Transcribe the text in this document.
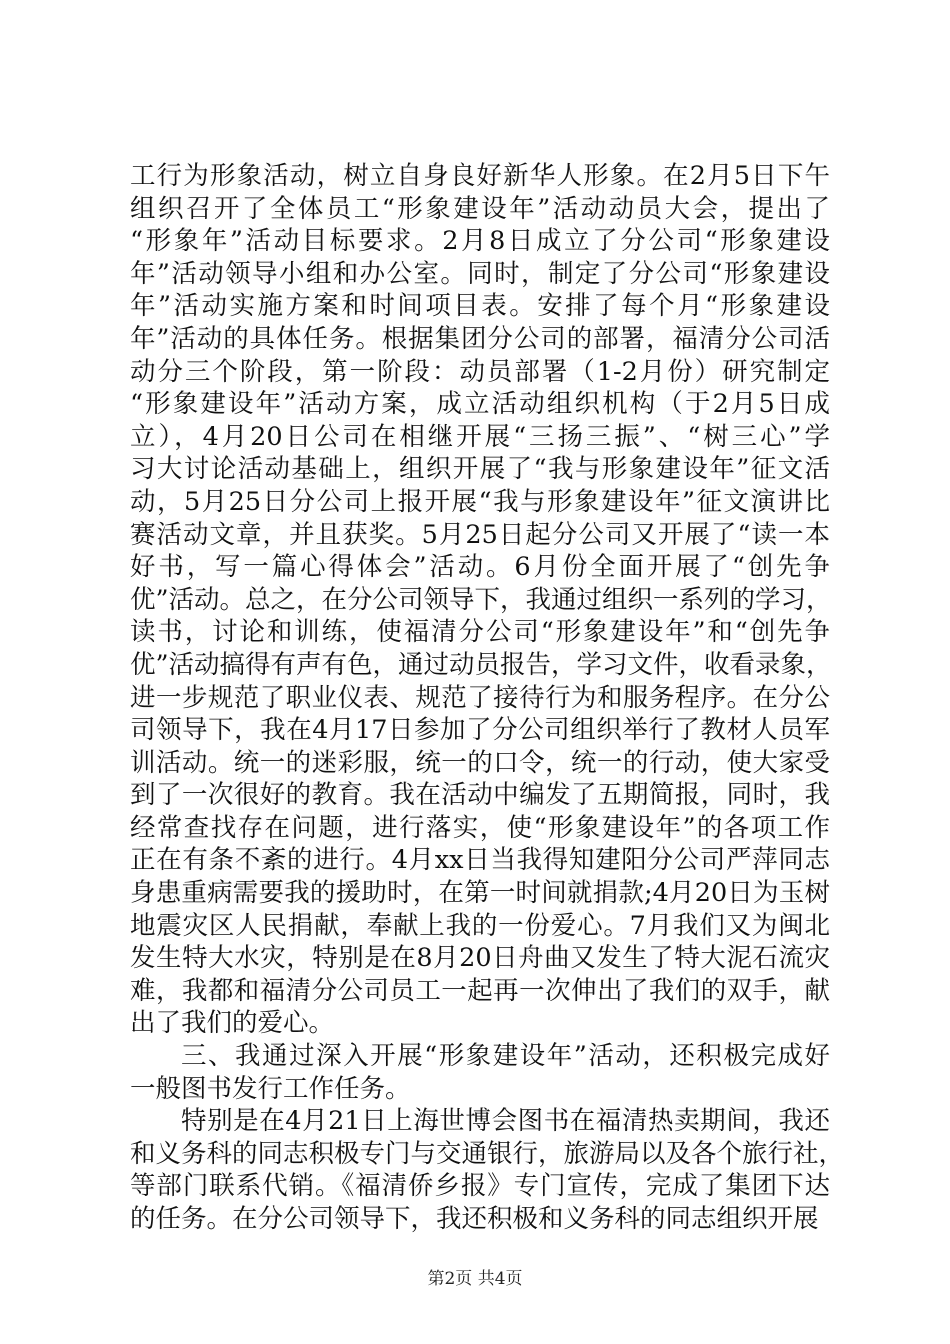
工行为形象活动，树立自身良好新华人形象。在2月5日下午
组织召开了全体员工“形象建设年”活动动员大会，提出了
“形象年”活动目标要求。2月8日成立了分公司“形象建设
年”活动领导小组和办公室。同时，制定了分公司“形象建设
年”活动实施方案和时间项目表。安排了每个月“形象建设
年”活动的具体任务。根据集团分公司的部署，福清分公司活
动分三个阶段，第一阶段：动员部署（1-2月份）研究制定
“形象建设年”活动方案，成立活动组织机构（于2月5日成
立），4月20日公司在相继开展“三扬三振”、“树三心”学
习大讨论活动基础上，组织开展了“我与形象建设年”征文活
动，5月25日分公司上报开展“我与形象建设年”征文演讲比
赛活动文章，并且获奖。5月25日起分公司又开展了“读一本
好书，写一篇心得体会”活动。6月份全面开展了“创先争
优”活动。总之，在分公司领导下，我通过组织一系列的学习，
读书，讨论和训练，使福清分公司“形象建设年”和“创先争
优”活动搞得有声有色，通过动员报告，学习文件，收看录象，
进一步规范了职业仪表、规范了接待行为和服务程序。在分公
司领导下，我在4月17日参加了分公司组织举行了教材人员军
训活动。统一的迷彩服，统一的口令，统一的行动，使大家受
到了一次很好的教育。我在活动中编发了五期简报，同时，我
经常查找存在问题，进行落实，使“形象建设年”的各项工作
正在有条不紊的进行。4月xx日当我得知建阳分公司严萍同志
身患重病需要我的援助时，在第一时间就捐款;4月20日为玉树
地震灾区人民捐献，奉献上我的一份爱心。7月我们又为闽北
发生特大水灾，特别是在8月20日舟曲又发生了特大泥石流灾
难，我都和福清分公司员工一起再一次伸出了我们的双手，献
出了我们的爱心。
三、我通过深入开展“形象建设年”活动，还积极完成好
一般图书发行工作任务。
特别是在4月21日上海世博会图书在福清热卖期间，我还
和义务科的同志积极专门与交通银行，旅游局以及各个旅行社，
等部门联系代销。《福清侨乡报》专门宣传，完成了集团下达
的任务。在分公司领导下，我还积极和义务科的同志组织开展
第2页 共4页
